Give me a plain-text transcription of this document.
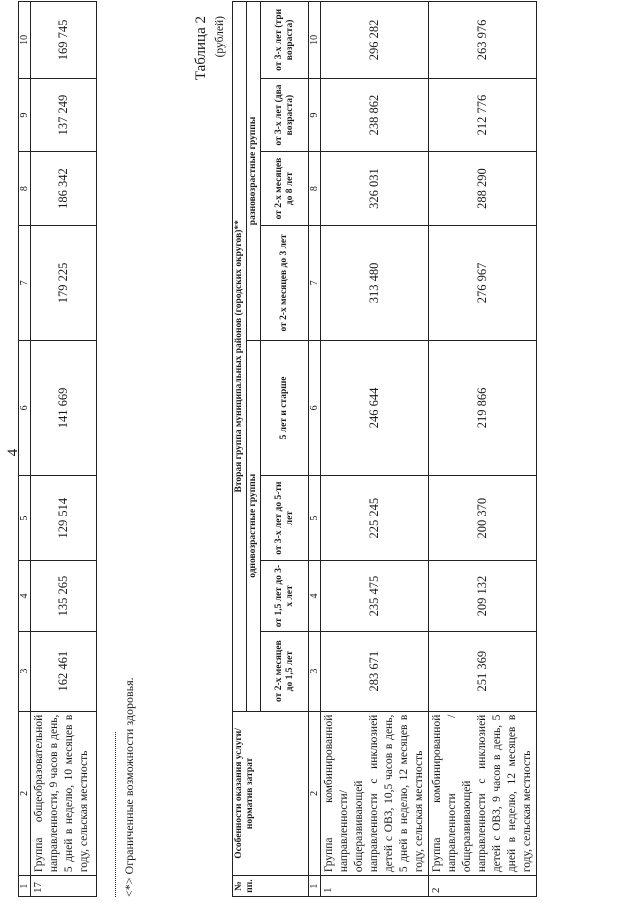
4
1	2	3	4	5	6	7	8	9	10
17	Группа общеобразовательной направленности, 9 часов в день, 5 дней в неделю, 10 месяцев в году, сельская местность	162 461	135 265	129 514	141 669	179 225	186 342	137 249	169 745
<*> Ограниченные возможности здоровья.
Таблица 2 (рублей)
№ пп.	Особенности оказания услуги/норматив затрат	Вторая группа муниципальных районов (городских округов)**							
		одновозрастные группы				разновозрастные группы			
		от 2-х месяцев до 1,5 лет	от 1,5 лет до 3-х лет	от 3-х лет до 5-ти лет	5 лет и старше	от 2-х месяцев до 3 лет	от 2-х месяцев до 8 лет	от 3-х лет (два возраста)	от 3-х лет (три возраста)
1	2	3	4	5	6	7	8	9	10
1	Группа комбинированной направленности/ общеразвивающей направленности с инклюзией детей с ОВЗ, 10,5 часов в день, 5 дней в неделю, 12 месяцев в году, сельская местность	283 671	235 475	225 245	246 644	313 480	326 031	238 862	296 282
2	Группа комбинированной направленности / общеразвивающей направленности с инклюзией детей с ОВЗ, 9 часов в день, 5 дней в неделю, 12 месяцев в году, сельская местность	251 369	209 132	200 370	219 866	276 967	288 290	212 776	263 976
